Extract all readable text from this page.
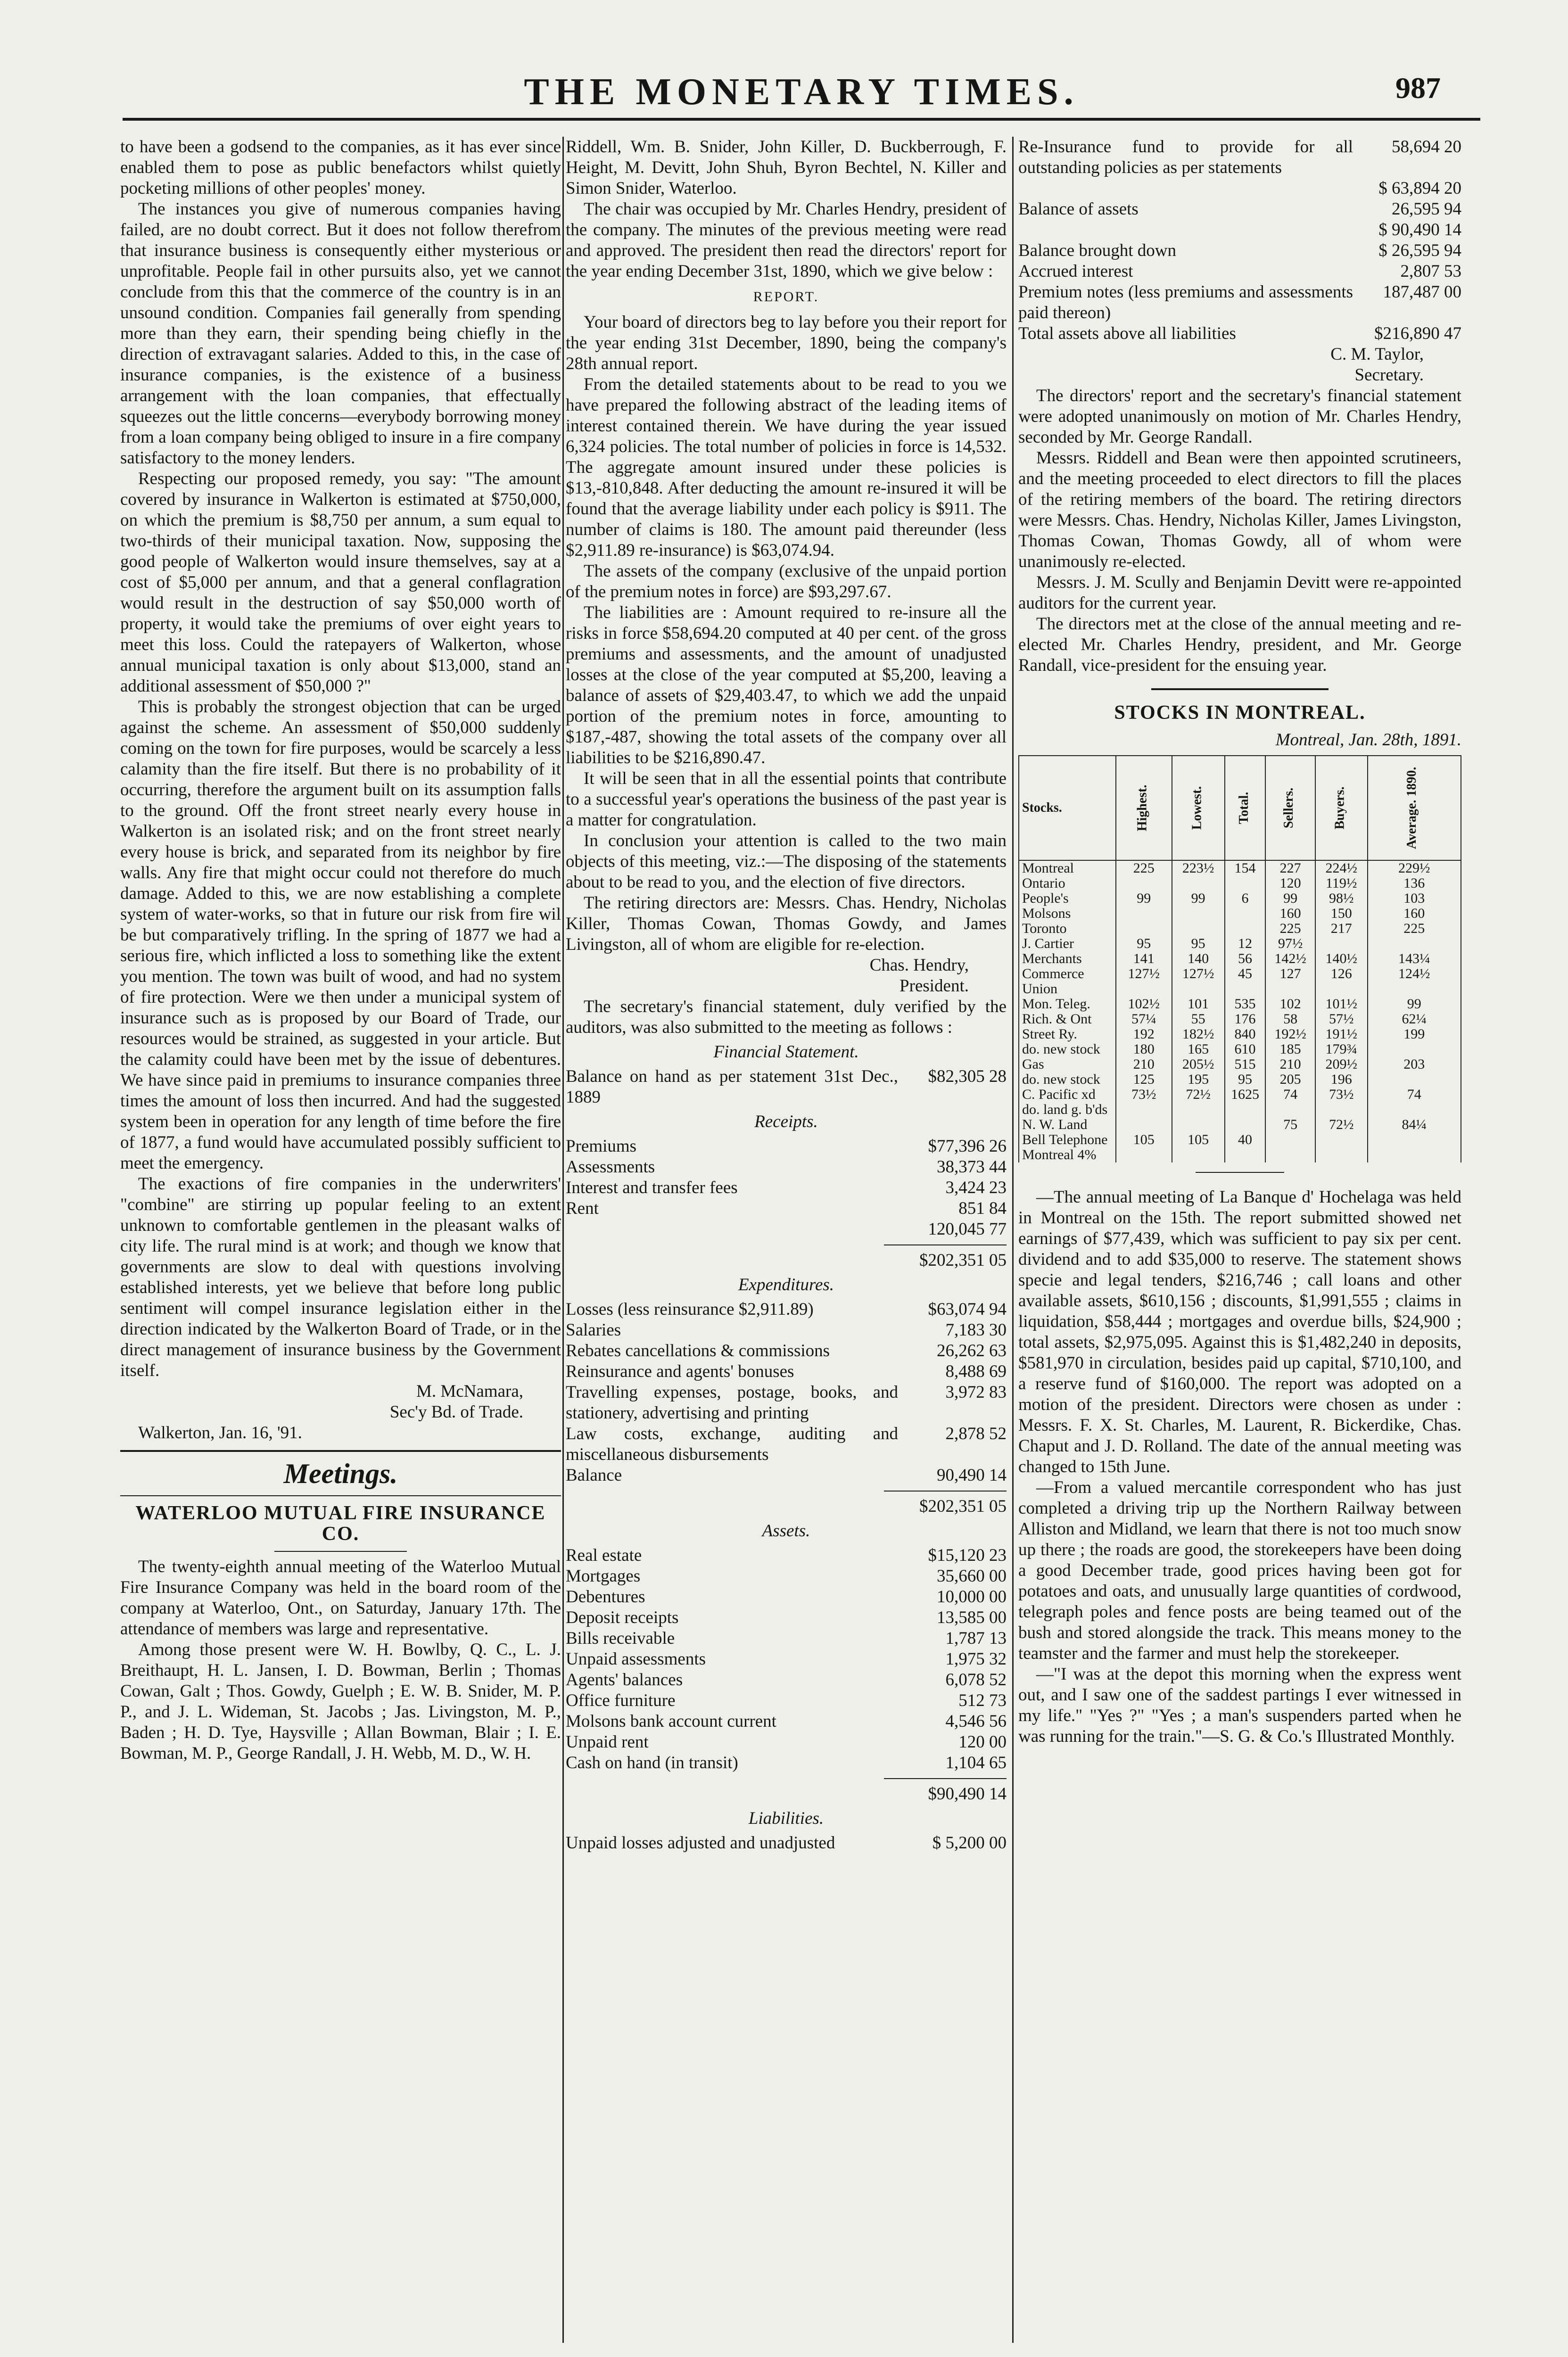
THE MONETARY TIMES.	987

to have been a godsend to the companies, as it has ever since enabled them to pose as public benefactors whilst quietly pocketing millions of other peoples' money.

The instances you give of numerous companies having failed, are no doubt correct. But it does not follow therefrom that insurance business is consequently either mysterious or unprofitable. People fail in other pursuits also, yet we cannot conclude from this that the commerce of the country is in an unsound condition. Companies fail generally from spending more than they earn, their spending being chiefly in the direction of extravagant salaries. Added to this, in the case of insurance companies, is the existence of a business arrangement with the loan companies, that effectually squeezes out the little concerns—everybody borrowing money from a loan company being obliged to insure in a fire company satisfactory to the money lenders.

Respecting our proposed remedy, you say: "The amount covered by insurance in Walkerton is estimated at $750,000, on which the premium is $8,750 per annum, a sum equal to two-thirds of their municipal taxation. Now, supposing the good people of Walkerton would insure themselves, say at a cost of $5,000 per annum, and that a general conflagration would result in the destruction of say $50,000 worth of property, it would take the premiums of over eight years to meet this loss. Could the ratepayers of Walkerton, whose annual municipal taxation is only about $13,000, stand an additional assessment of $50,000 ?"

This is probably the strongest objection that can be urged against the scheme. An assessment of $50,000 suddenly coming on the town for fire purposes, would be scarcely a less calamity than the fire itself. But there is no probability of it occurring, therefore the argument built on its assumption falls to the ground. Off the front street nearly every house in Walkerton is an isolated risk; and on the front street nearly every house is brick, and separated from its neighbor by fire walls. Any fire that might occur could not therefore do much damage. Added to this, we are now establishing a complete system of water-works, so that in future our risk from fire wil be but comparatively trifling. In the spring of 1877 we had a serious fire, which inflicted a loss to something like the extent you mention. The town was built of wood, and had no system of fire protection. Were we then under a municipal system of insurance such as is proposed by our Board of Trade, our resources would be strained, as suggested in your article. But the calamity could have been met by the issue of debentures. We have since paid in premiums to insurance companies three times the amount of loss then incurred. And had the suggested system been in operation for any length of time before the fire of 1877, a fund would have accumulated possibly sufficient to meet the emergency.

The exactions of fire companies in the underwriters' "combine" are stirring up popular feeling to an extent unknown to comfortable gentlemen in the pleasant walks of city life. The rural mind is at work; and though we know that governments are slow to deal with questions involving established interests, yet we believe that before long public sentiment will compel insurance legislation either in the direction indicated by the Walkerton Board of Trade, or in the direct management of insurance business by the Government itself.

M. McNamara,

Sec'y Bd. of Trade.

Walkerton, Jan. 16, '91.

Meetings.
WATERLOO MUTUAL FIRE INSURANCE CO.

The twenty-eighth annual meeting of the Waterloo Mutual Fire Insurance Company was held in the board room of the company at Waterloo, Ont., on Saturday, January 17th. The attendance of members was large and representative.

Among those present were W. H. Bowlby, Q. C., L. J. Breithaupt, H. L. Jansen, I. D. Bowman, Berlin ; Thomas Cowan, Galt ; Thos. Gowdy, Guelph ; E. W. B. Snider, M. P. P., and J. L. Wideman, St. Jacobs ; Jas. Livingston, M. P., Baden ; H. D. Tye, Haysville ; Allan Bowman, Blair ; I. E. Bowman, M. P., George Randall, J. H. Webb, M. D., W. H.

Riddell, Wm. B. Snider, John Killer, D. Buckberrough, F. Height, M. Devitt, John Shuh, Byron Bechtel, N. Killer and Simon Snider, Waterloo.

The chair was occupied by Mr. Charles Hendry, president of the company. The minutes of the previous meeting were read and approved. The president then read the directors' report for the year ending December 31st, 1890, which we give below :

REPORT.

Your board of directors beg to lay before you their report for the year ending 31st December, 1890, being the company's 28th annual report.

From the detailed statements about to be read to you we have prepared the following abstract of the leading items of interest contained therein. We have during the year issued 6,324 policies. The total number of policies in force is 14,532. The aggregate amount insured under these policies is $13,-810,848. After deducting the amount re-insured it will be found that the average liability under each policy is $911. The number of claims is 180. The amount paid thereunder (less $2,911.89 re-insurance) is $63,074.94.

The assets of the company (exclusive of the unpaid portion of the premium notes in force) are $93,297.67.

The liabilities are : Amount required to re-insure all the risks in force $58,694.20 computed at 40 per cent. of the gross premiums and assessments, and the amount of unadjusted losses at the close of the year computed at $5,200, leaving a balance of assets of $29,403.47, to which we add the unpaid portion of the premium notes in force, amounting to $187,-487, showing the total assets of the company over all liabilities to be $216,890.47.

It will be seen that in all the essential points that contribute to a successful year's operations the business of the past year is a matter for congratulation.

In conclusion your attention is called to the two main objects of this meeting, viz.:—The disposing of the statements about to be read to you, and the election of five directors.

The retiring directors are: Messrs. Chas. Hendry, Nicholas Killer, Thomas Cowan, Thomas Gowdy, and James Livingston, all of whom are eligible for re-election.

Chas. Hendry,

President.

The secretary's financial statement, duly verified by the auditors, was also submitted to the meeting as follows :

Financial Statement.

Balance on hand as per statement 31st Dec., 1889
$82,305 28

Receipts.

Premiums	$77,396 26
Assessments	38,373 44
Interest and transfer fees	3,424 23
Rent	851 84
120,045 77
$202,351 05

Expenditures.

Losses (less reinsurance $2,911.89)	$63,074 94
Salaries	7,183 30
Rebates cancellations & commissions	26,262 63
Reinsurance and agents' bonuses	8,488 69
Travelling expenses, postage, books, and stationery, advertising and printing
3,972 83
Law costs, exchange, auditing and miscellaneous disbursements
2,878 52
Balance	90,490 14
$202,351 05

Assets.

Real estate	$15,120 23
Mortgages	35,660 00
Debentures	10,000 00
Deposit receipts	13,585 00
Bills receivable	1,787 13
Unpaid assessments	1,975 32
Agents' balances	6,078 52
Office furniture	512 73
Molsons bank account current	4,546 56
Unpaid rent	120 00
Cash on hand (in transit)	1,104 65
$90,490 14

Liabilities.

Unpaid losses adjusted and unadjusted	$ 5,200 00
Re-Insurance fund to provide for all outstanding policies as per statements
58,694 20
$ 63,894 20
Balance of assets	26,595 94
$ 90,490 14
Balance brought down	$ 26,595 94
Accrued interest	2,807 53
Premium notes (less premiums and assessments paid thereon)
187,487 00
Total assets above all liabilities	$216,890 47

C. M. Taylor,

Secretary.

The directors' report and the secretary's financial statement were adopted unanimously on motion of Mr. Charles Hendry, seconded by Mr. George Randall.

Messrs. Riddell and Bean were then appointed scrutineers, and the meeting proceeded to elect directors to fill the places of the retiring members of the board. The retiring directors were Messrs. Chas. Hendry, Nicholas Killer, James Livingston, Thomas Cowan, Thomas Gowdy, all of whom were unanimously re-elected.

Messrs. J. M. Scully and Benjamin Devitt were re-appointed auditors for the current year.

The directors met at the close of the annual meeting and re-elected Mr. Charles Hendry, president, and Mr. George Randall, vice-president for the ensuing year.

STOCKS IN MONTREAL.

Montreal, Jan. 28th, 1891.

Stocks.	Highest.	Lowest.	Total.	Sellers.	Buyers.	Average. 1890.
Montreal	225	223½	154	227	224½	229½
Ontario				120	119½	136
People's	99	99	6	99	98½	103
Molsons				160	150	160
Toronto				225	217	225
J. Cartier	95	95	12	97½		
Merchants	141	140	56	142½	140½	143¼
Commerce	127½	127½	45	127	126	124½
Union						
Mon. Teleg.	102½	101	535	102	101½	99
Rich. & Ont	57¼	55	176	58	57½	62¼
Street Ry.	192	182½	840	192½	191½	199
do. new stock	180	165	610	185	179¾	
Gas	210	205½	515	210	209½	203
do. new stock	125	195	95	205	196	
C. Pacific xd	73½	72½	1625	74	73½	74
do. land g. b'ds						
N. W. Land				75	72½	84¼
Bell Telephone	105	105	40			
Montreal 4%						

—The annual meeting of La Banque d' Hochelaga was held in Montreal on the 15th. The report submitted showed net earnings of $77,439, which was sufficient to pay six per cent. dividend and to add $35,000 to reserve. The statement shows specie and legal tenders, $216,746 ; call loans and other available assets, $610,156 ; discounts, $1,991,555 ; claims in liquidation, $58,444 ; mortgages and overdue bills, $24,900 ; total assets, $2,975,095. Against this is $1,482,240 in deposits, $581,970 in circulation, besides paid up capital, $710,100, and a reserve fund of $160,000. The report was adopted on a motion of the president. Directors were chosen as under : Messrs. F. X. St. Charles, M. Laurent, R. Bickerdike, Chas. Chaput and J. D. Rolland. The date of the annual meeting was changed to 15th June.

—From a valued mercantile correspondent who has just completed a driving trip up the Northern Railway between Alliston and Midland, we learn that there is not too much snow up there ; the roads are good, the storekeepers have been doing a good December trade, good prices having been got for potatoes and oats, and unusually large quantities of cordwood, telegraph poles and fence posts are being teamed out of the bush and stored alongside the track. This means money to the teamster and the farmer and must help the storekeeper.

—"I was at the depot this morning when the express went out, and I saw one of the saddest partings I ever witnessed in my life." "Yes ?" "Yes ; a man's suspenders parted when he was running for the train."—S. G. & Co.'s Illustrated Monthly.
